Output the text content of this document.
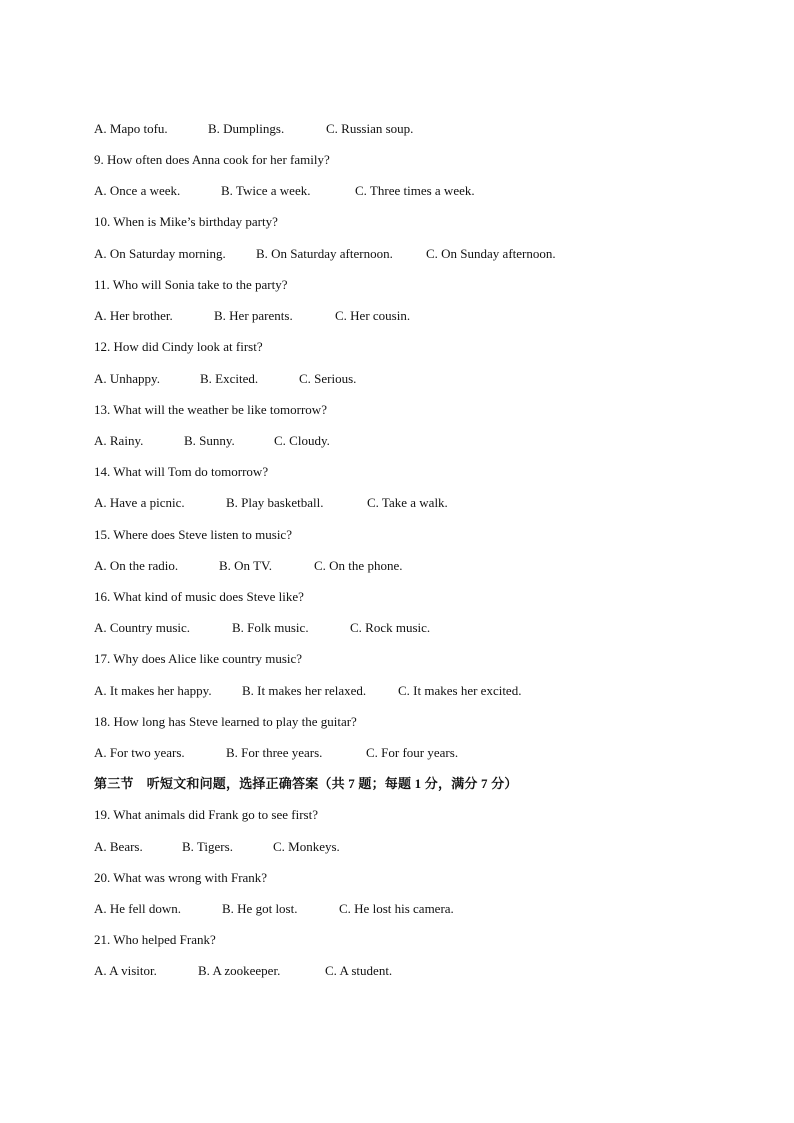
A. Mapo tofu.	B. Dumplings.	C. Russian soup.
9. How often does Anna cook for her family?
A. Once a week.	B. Twice a week.	C. Three times a week.
10. When is Mike’s birthday party?
A. On Saturday morning. B. On Saturday afternoon.	C. On Sunday afternoon.
11. Who will Sonia take to the party?
A. Her brother.	B. Her parents.	C. Her cousin.
12. How did Cindy look at first?
A. Unhappy.	B. Excited.	C. Serious.
13. What will the weather be like tomorrow?
A. Rainy.	B. Sunny.	C. Cloudy.
14. What will Tom do tomorrow?
A. Have a picnic.	B. Play basketball.	C. Take a walk.
15. Where does Steve listen to music?
A. On the radio.	B. On TV.	C. On the phone.
16. What kind of music does Steve like?
A. Country music.	B. Folk music.	C. Rock music.
17. Why does Alice like country music?
A. It makes her happy. B. It makes her relaxed. C. It makes her excited.
18. How long has Steve learned to play the guitar?
A. For two years.	B. For three years.	C. For four years.
第三节　听短文和问题，选择正确答案（共 7 题；每题 1 分，满分 7 分）
19. What animals did Frank go to see first?
A. Bears.	B. Tigers.	C. Monkeys.
20. What was wrong with Frank?
A. He fell down.	B. He got lost.	C. He lost his camera.
21. Who helped Frank?
A. A visitor.	B. A zookeeper.	C. A student.
